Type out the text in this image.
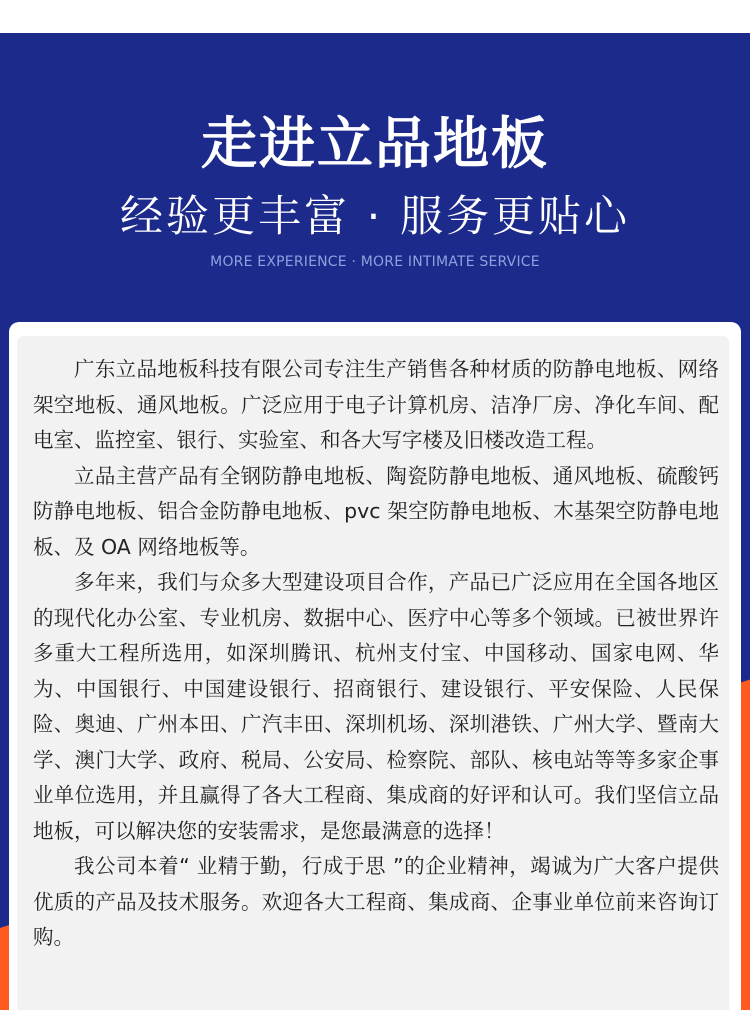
走进立品地板
经验更丰富 · 服务更贴心
MORE EXPERIENCE · MORE INTIMATE SERVICE

广东立品地板科技有限公司专注生产销售各种材质的防静电地板、网络架空地板、通风地板。广泛应用于电子计算机房、洁净厂房、净化车间、配电室、监控室、银行、实验室、和各大写字楼及旧楼改造工程。

立品主营产品有全钢防静电地板、陶瓷防静电地板、通风地板、硫酸钙防静电地板、铝合金防静电地板、pvc 架空防静电地板、木基架空防静电地板、及 OA 网络地板等。

多年来，我们与众多大型建设项目合作，产品已广泛应用在全国各地区的现代化办公室、专业机房、数据中心、医疗中心等多个领域。已被世界许多重大工程所选用，如深圳腾讯、杭州支付宝、中国移动、国家电网、华为、中国银行、中国建设银行、招商银行、建设银行、平安保险、人民保险、奥迪、广州本田、广汽丰田、深圳机场、深圳港铁、广州大学、暨南大学、澳门大学、政府、税局、公安局、检察院、部队、核电站等等多家企事业单位选用，并且赢得了各大工程商、集成商的好评和认可。我们坚信立品地板，可以解决您的安装需求，是您最满意的选择！

我公司本着“ 业精于勤，行成于思 ”的企业精神，竭诚为广大客户提供优质的产品及技术服务。欢迎各大工程商、集成商、企事业单位前来咨询订购。
